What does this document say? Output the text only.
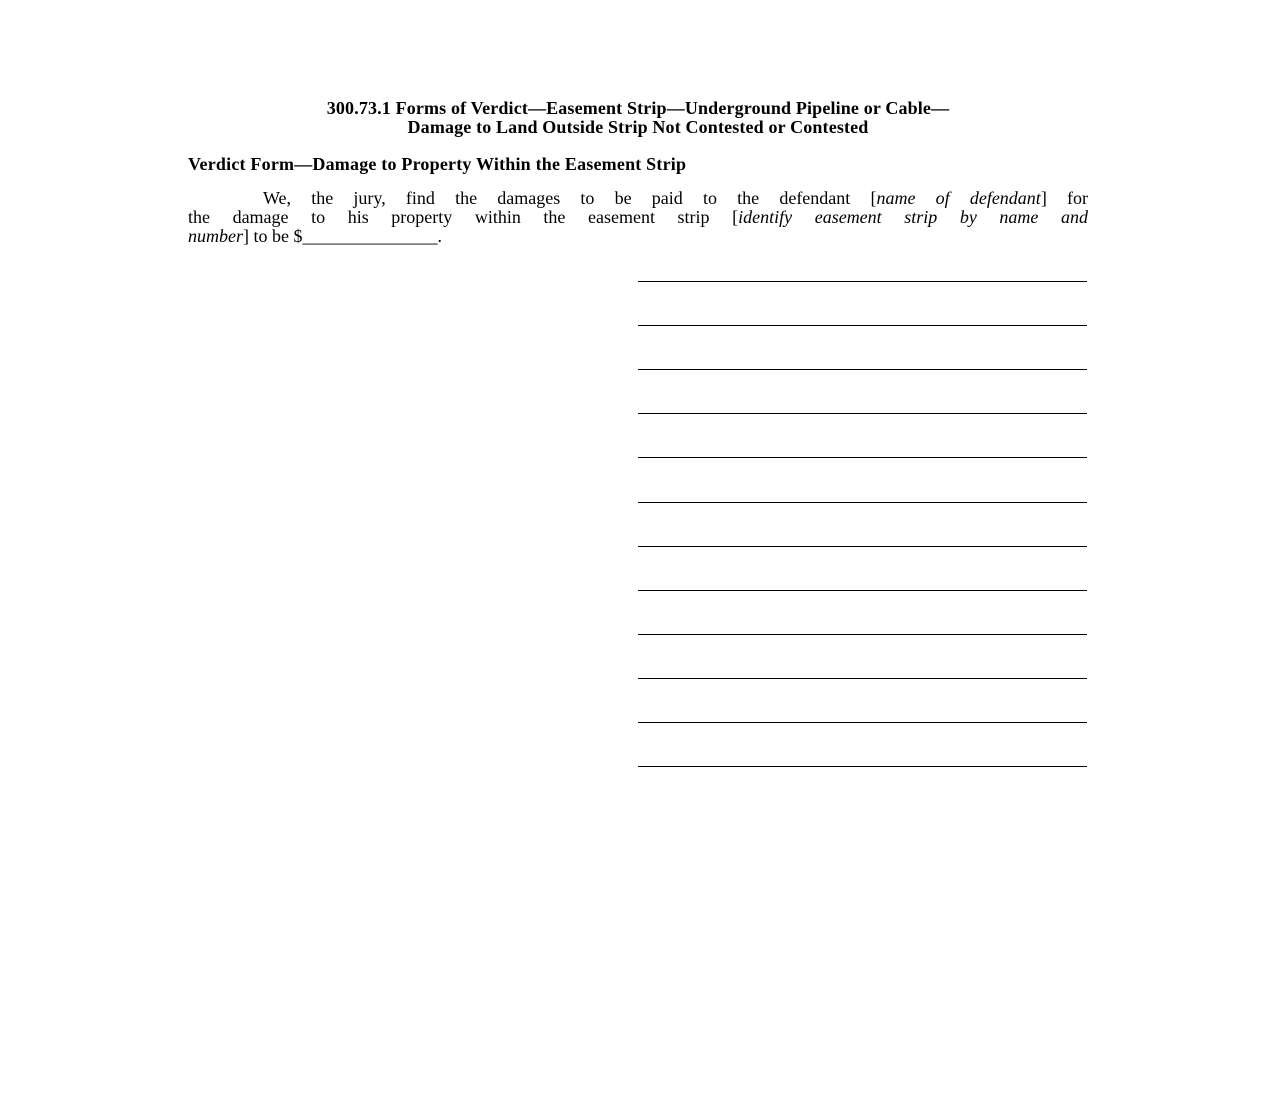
300.73.1 Forms of Verdict—Easement Strip—Underground Pipeline or Cable—
Damage to Land Outside Strip Not Contested or Contested
Verdict Form—Damage to Property Within the Easement Strip
We, the jury, find the damages to be paid to the defendant [name of defendant] for
the damage to his property within the easement strip [identify easement strip by name and
number] to be $_______________.
